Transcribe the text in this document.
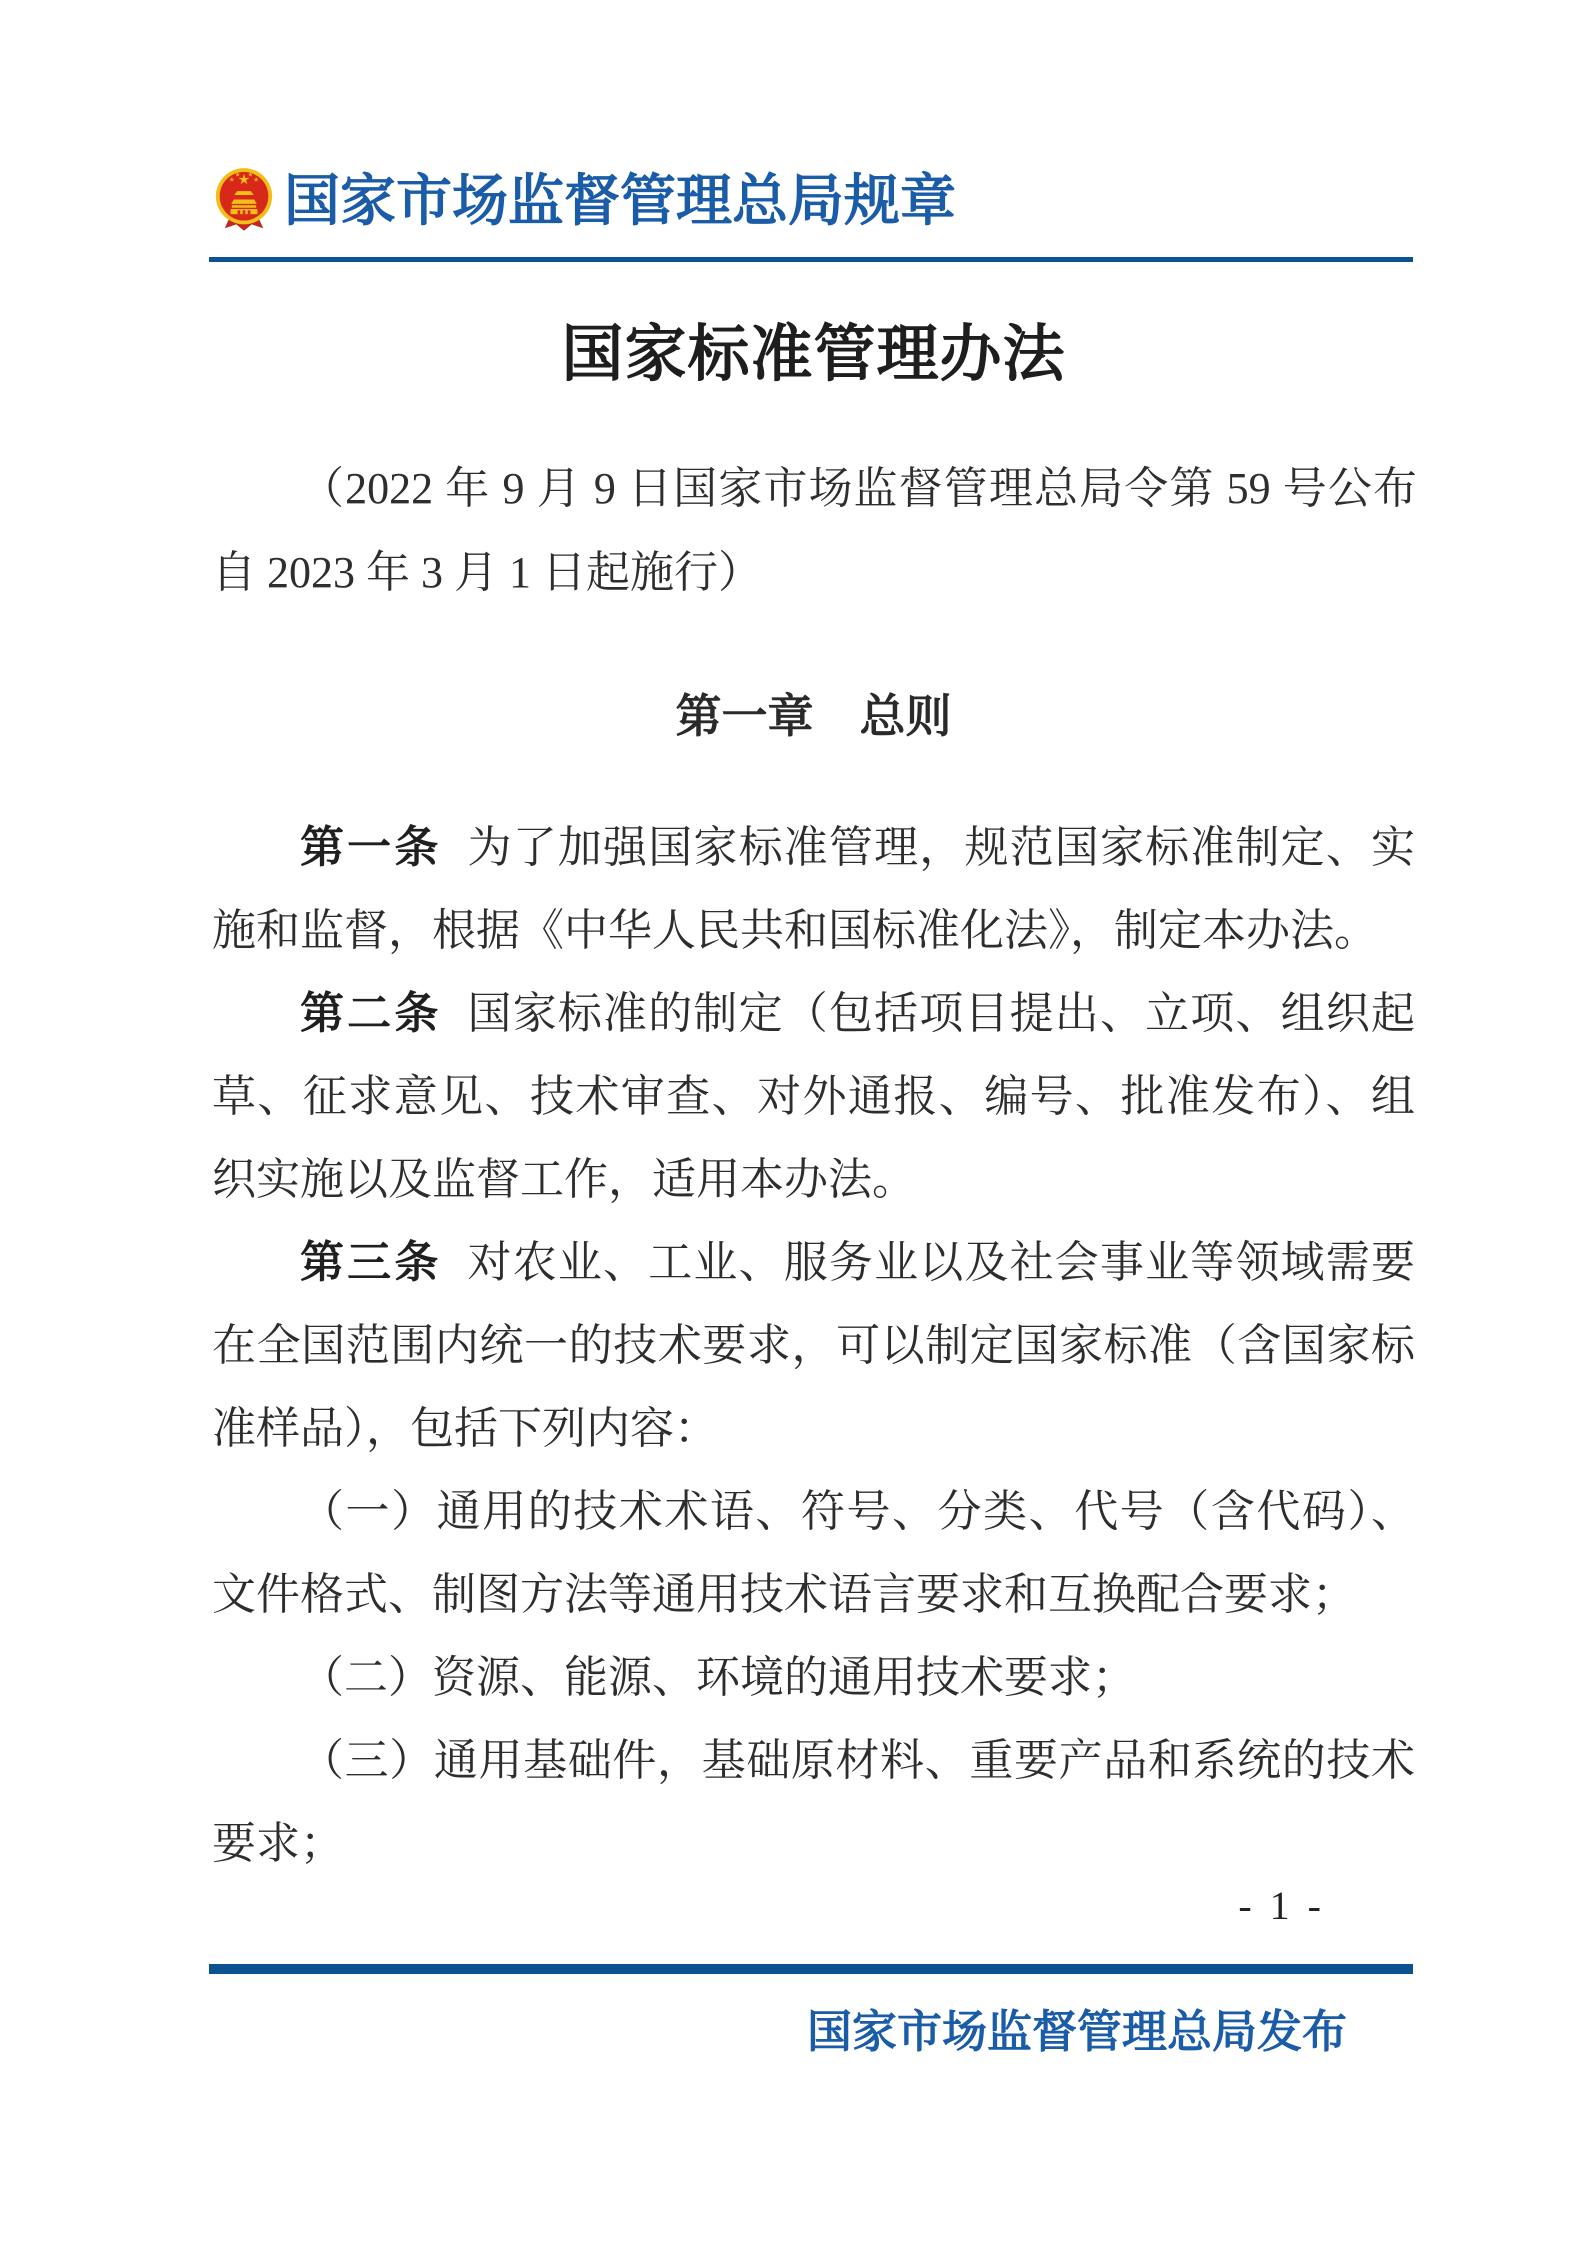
国家市场监督管理总局规章
国家标准管理办法

（2022 年 9 月 9 日国家市场监督管理总局令第 59 号公布　自 2023 年 3 月 1 日起施行）

第一章　总则

第一条 为了加强国家标准管理，规范国家标准制定、实施和监督，根据《中华人民共和国标准化法》，制定本办法。

第二条 国家标准的制定（包括项目提出、立项、组织起草、征求意见、技术审查、对外通报、编号、批准发布）、组织实施以及监督工作，适用本办法。

第三条 对农业、工业、服务业以及社会事业等领域需要在全国范围内统一的技术要求，可以制定国家标准（含国家标准样品），包括下列内容：

（一）通用的技术术语、符号、分类、代号（含代码）、文件格式、制图方法等通用技术语言要求和互换配合要求；

（二）资源、能源、环境的通用技术要求；

（三）通用基础件，基础原材料、重要产品和系统的技术要求；

- 1 -
国家市场监督管理总局发布
